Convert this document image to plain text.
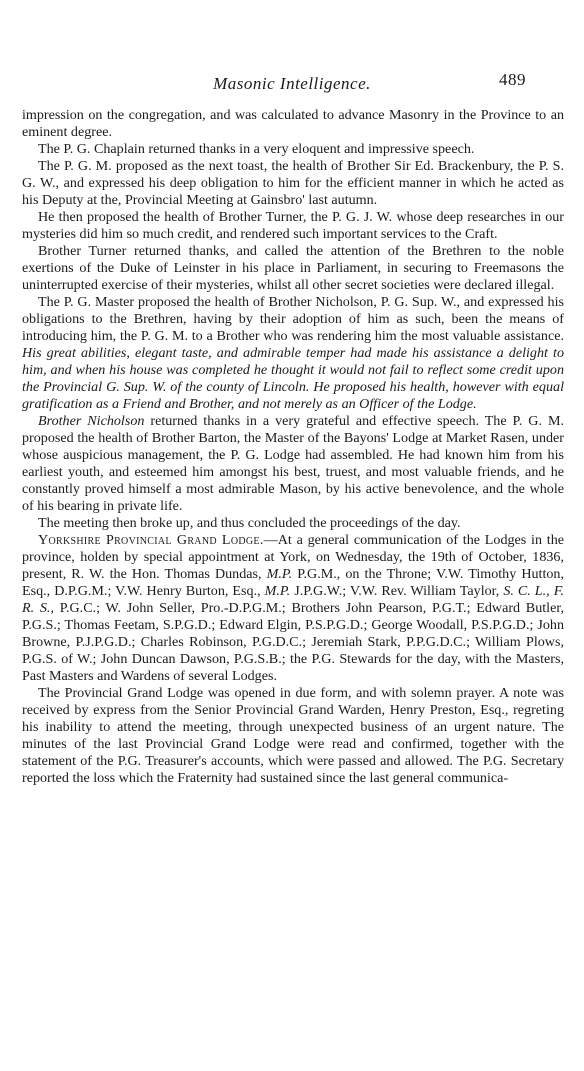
Masonic Intelligence.	489

impression on the congregation, and was calculated to advance Masonry in the Province to an eminent degree.

The P. G. Chaplain returned thanks in a very eloquent and impressive speech.

The P. G. M. proposed as the next toast, the health of Brother Sir Ed. Brackenbury, the P. S. G. W., and expressed his deep obligation to him for the efficient manner in which he acted as his Deputy at the, Provincial Meeting at Gainsbro' last autumn.

He then proposed the health of Brother Turner, the P. G. J. W. whose deep researches in our mysteries did him so much credit, and rendered such important services to the Craft.

Brother Turner returned thanks, and called the attention of the Brethren to the noble exertions of the Duke of Leinster in his place in Parliament, in securing to Freemasons the uninterrupted exercise of their mysteries, whilst all other secret societies were declared illegal.

The P. G. Master proposed the health of Brother Nicholson, P. G. Sup. W., and expressed his obligations to the Brethren, having by their adoption of him as such, been the means of introducing him, the P. G. M. to a Brother who was rendering him the most valuable assistance. His great abilities, elegant taste, and admirable temper had made his assistance a delight to him, and when his house was completed he thought it would not fail to reflect some credit upon the Provincial G. Sup. W. of the county of Lincoln. He proposed his health, however with equal gratification as a Friend and Brother, and not merely as an Officer of the Lodge.

Brother Nicholson returned thanks in a very grateful and effective speech. The P. G. M. proposed the health of Brother Barton, the Master of the Bayons' Lodge at Market Rasen, under whose auspicious management, the P. G. Lodge had assembled. He had known him from his earliest youth, and esteemed him amongst his best, truest, and most valuable friends, and he constantly proved himself a most admirable Mason, by his active benevolence, and the whole of his bearing in private life.

The meeting then broke up, and thus concluded the proceedings of the day.

Yorkshire Provincial Grand Lodge.—At a general communication of the Lodges in the province, holden by special appointment at York, on Wednesday, the 19th of October, 1836, present, R. W. the Hon. Thomas Dundas, M.P. P.G.M., on the Throne; V.W. Timothy Hutton, Esq., D.P.G.M.; V.W. Henry Burton, Esq., M.P. J.P.G.W.; V.W. Rev. William Taylor, S. C. L., F. R. S., P.G.C.; W. John Seller, Pro.-D.P.G.M.; Brothers John Pearson, P.G.T.; Edward Butler, P.G.S.; Thomas Feetam, S.P.G.D.; Edward Elgin, P.S.P.G.D.; George Woodall, P.S.P.G.D.; John Browne, P.J.P.G.D.; Charles Robinson, P.G.D.C.; Jeremiah Stark, P.P.G.D.C.; William Plows, P.G.S. of W.; John Duncan Dawson, P.G.S.B.; the P.G. Stewards for the day, with the Masters, Past Masters and Wardens of several Lodges.

The Provincial Grand Lodge was opened in due form, and with solemn prayer. A note was received by express from the Senior Provincial Grand Warden, Henry Preston, Esq., regreting his inability to attend the meeting, through unexpected business of an urgent nature. The minutes of the last Provincial Grand Lodge were read and confirmed, together with the statement of the P.G. Treasurer's accounts, which were passed and allowed. The P.G. Secretary reported the loss which the Fraternity had sustained since the last general communica-
